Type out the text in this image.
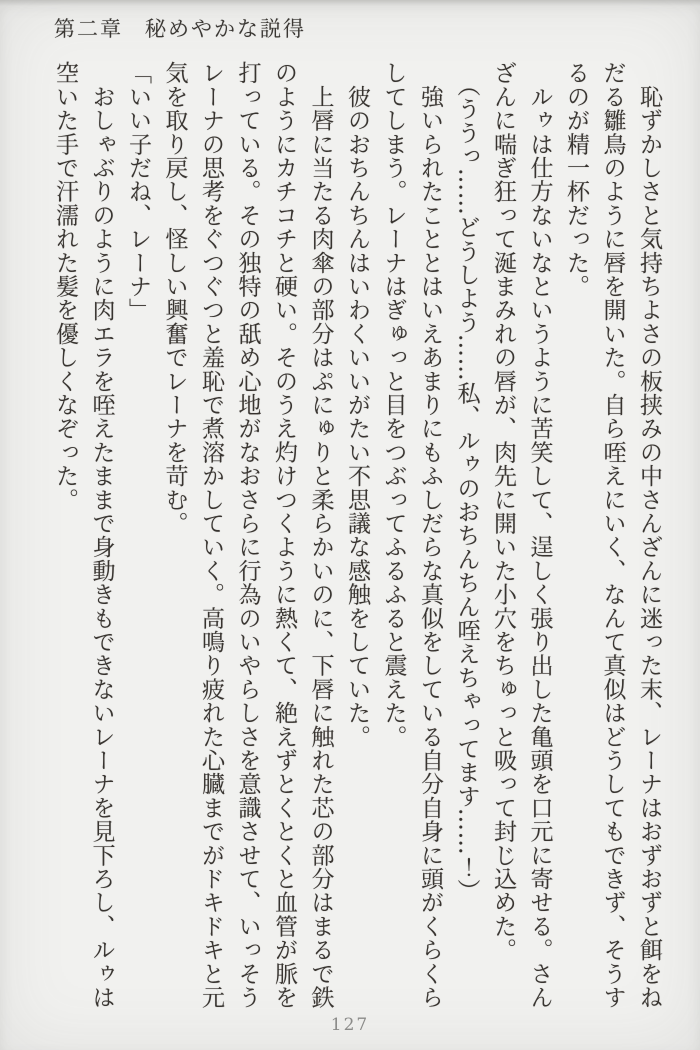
第二章 秘めやかな説得
　恥ずかしさと気持ちよさの板挟みの中さんざんに迷った末、レーナはおずおずと餌をね
だる雛鳥のように唇を開いた。自ら咥えにいく、なんて真似はどうしてもできず、そうす
るのが精一杯だった。
　ルゥは仕方ないなというように苦笑して、逞しく張り出した亀頭を口元に寄せる。さん
ざんに喘ぎ狂って涎まみれの唇が、肉先に開いた小穴をちゅっと吸って封じ込めた。
　（ううっ……どうしよう……私、ルゥのおちんちん咥えちゃってます……！）
　強いられたこととはいえあまりにもふしだらな真似をしている自分自身に頭がくらくら
してしまう。レーナはぎゅっと目をつぶってふるふると震えた。
　彼のおちんちんはいわくいいがたい不思議な感触をしていた。
　上唇に当たる肉傘の部分はぷにゅりと柔らかいのに、下唇に触れた芯の部分はまるで鉄
のようにカチコチと硬い。そのうえ灼けつくように熱くて、絶えずとくとくと血管が脈を
打っている。その独特の舐め心地がなおさらに行為のいやらしさを意識させて、いっそう
レーナの思考をぐつぐつと羞恥で煮溶かしていく。高鳴り疲れた心臓までがドキドキと元
気を取り戻し、怪しい興奮でレーナを苛む。
「いい子だね、レーナ」
　おしゃぶりのように肉エラを咥えたままで身動きもできないレーナを見下ろし、ルゥは
空いた手で汗濡れた髪を優しくなぞった。
127
